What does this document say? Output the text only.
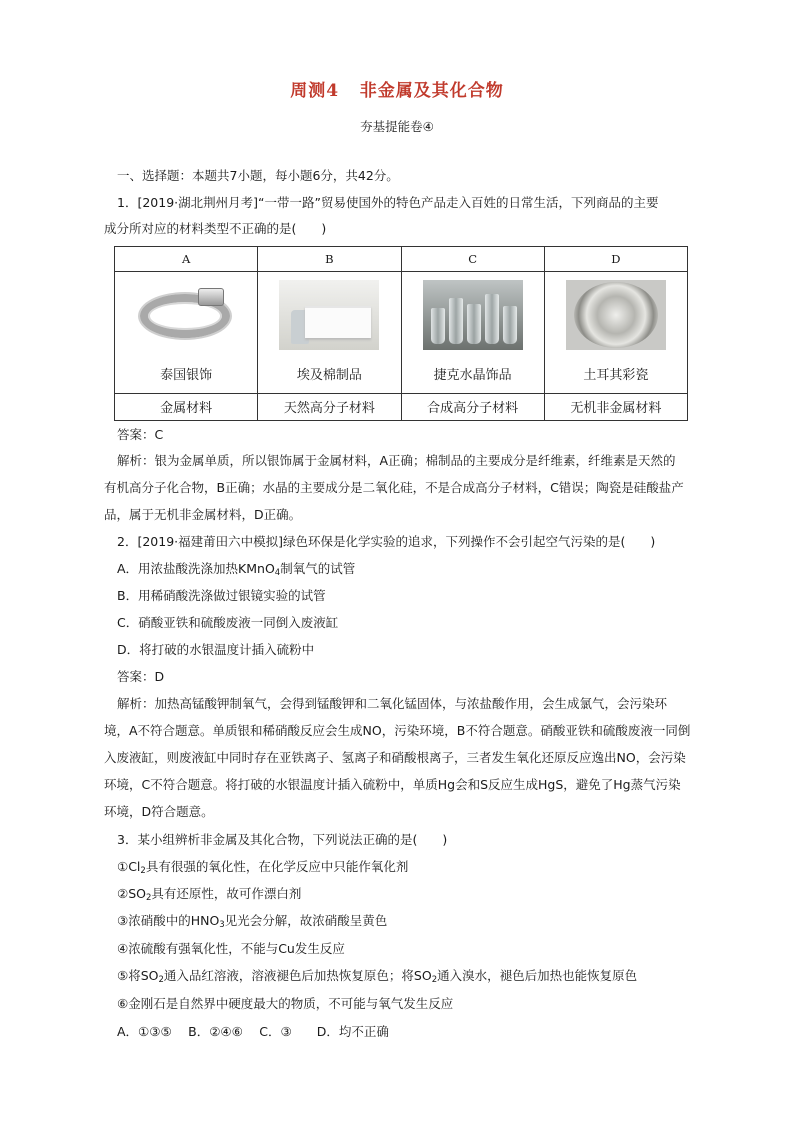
周测4   非金属及其化合物
夯基提能卷④
一、选择题：本题共7小题，每小题6分，共42分。
1．[2019·湖北荆州月考]“一带一路”贸易使国外的特色产品走入百姓的日常生活，下列商品的主要
成分所对应的材料类型不正确的是(　　)
A	B	C	D

泰国银饰	埃及棉制品	捷克水晶饰品	土耳其彩瓷

金属材料	天然高分子材料	合成高分子材料	无机非金属材料
答案：C
解析：银为金属单质，所以银饰属于金属材料，A正确；棉制品的主要成分是纤维素，纤维素是天然的
有机高分子化合物，B正确；水晶的主要成分是二氧化硅，不是合成高分子材料，C错误；陶瓷是硅酸盐产
品，属于无机非金属材料，D正确。
2．[2019·福建莆田六中模拟]绿色环保是化学实验的追求，下列操作不会引起空气污染的是(　　)
A．用浓盐酸洗涤加热KMnO$_4$制氧气的试管
B．用稀硝酸洗涤做过银镜实验的试管
C．硝酸亚铁和硫酸废液一同倒入废液缸
D．将打破的水银温度计插入硫粉中
答案：D
解析：加热高锰酸钾制氧气，会得到锰酸钾和二氧化锰固体，与浓盐酸作用，会生成氯气，会污染环
境，A不符合题意。单质银和稀硝酸反应会生成NO，污染环境，B不符合题意。硝酸亚铁和硫酸废液一同倒
入废液缸，则废液缸中同时存在亚铁离子、氢离子和硝酸根离子，三者发生氧化还原反应逸出NO，会污染
环境，C不符合题意。将打破的水银温度计插入硫粉中，单质Hg会和S反应生成HgS，避免了Hg蒸气污染
环境，D符合题意。
3．某小组辨析非金属及其化合物，下列说法正确的是(　　)
$①Cl_2$具有很强的氧化性，在化学反应中只能作氧化剂
$②SO_2$具有还原性，故可作漂白剂
③浓硝酸中的$HNO_3$见光会分解，故浓硝酸呈黄色
④浓硫酸有强氧化性，不能与Cu发生反应
⑤将$SO_2$通入品红溶液，溶液褪色后加热恢复原色；将$SO_2$通入溴水，褪色后加热也能恢复原色
⑥金刚石是自然界中硬度最大的物质，不可能与氧气发生反应
A．①③⑤　 B．②④⑥　 C．③　　D．均不正确
